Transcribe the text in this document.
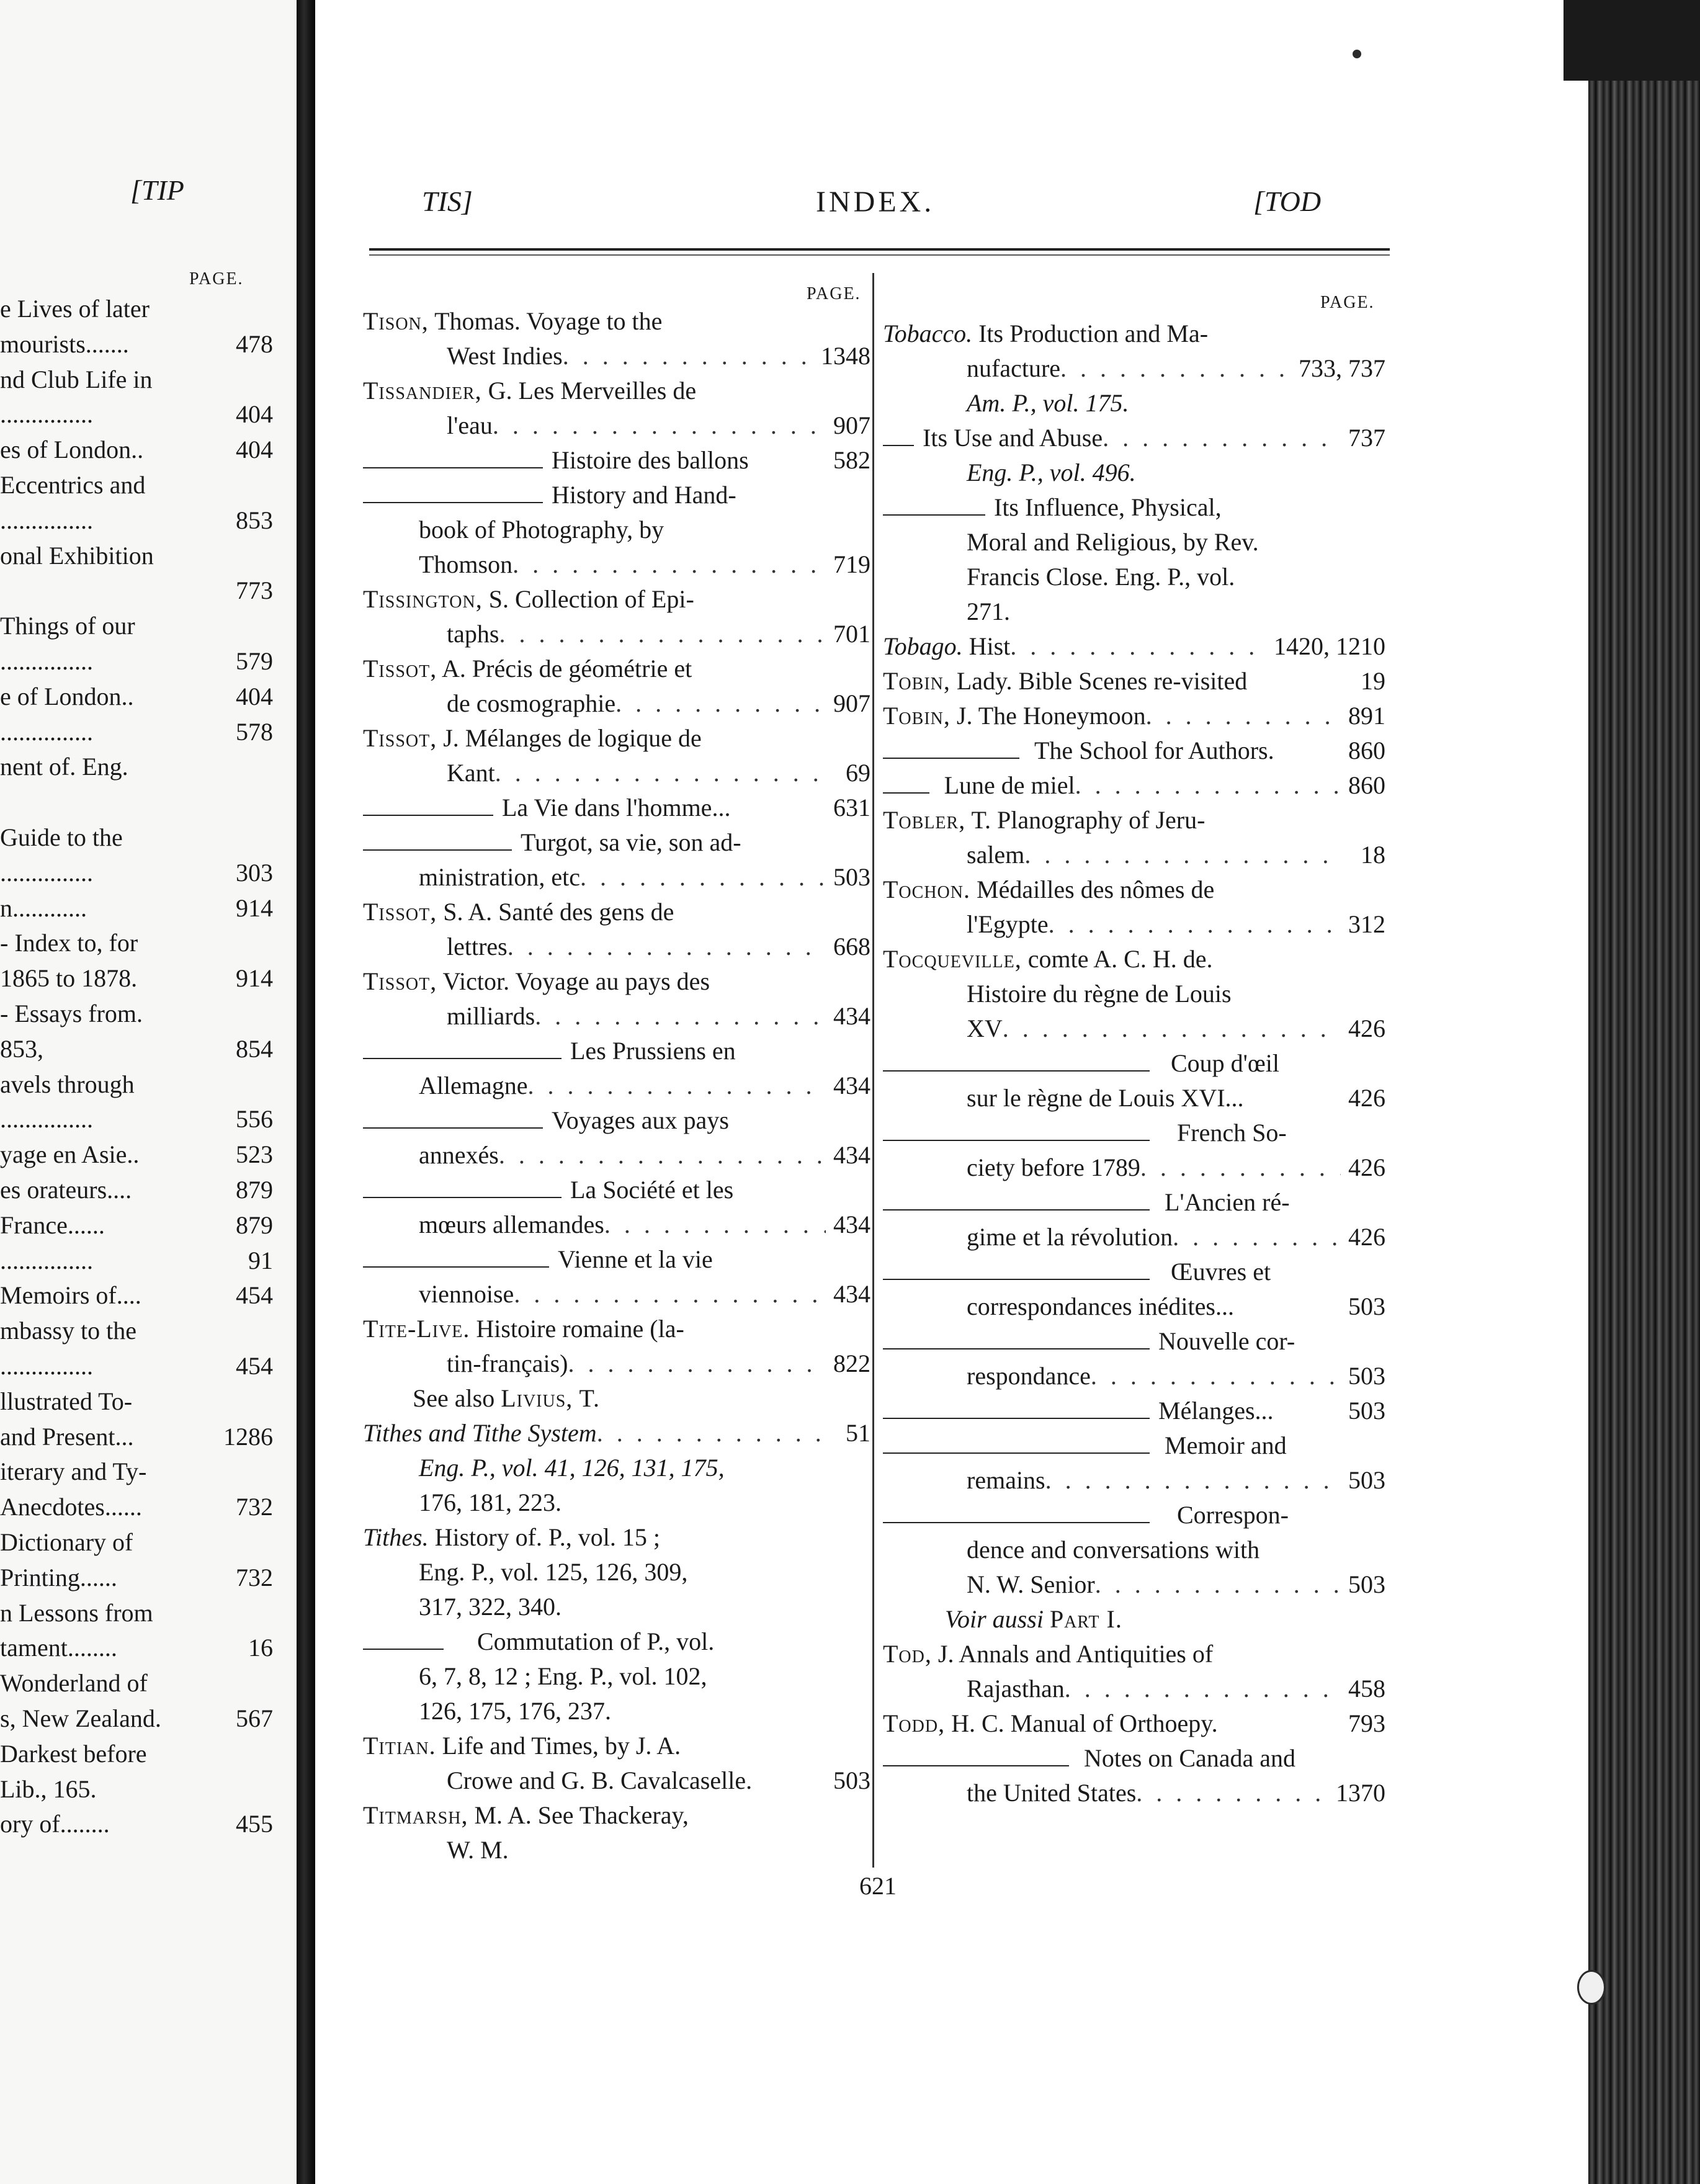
[TIP
PAGE.
e Lives of later
mourists.......	478
nd Club Life in
...............	404
es of London..	404
Eccentrics and
...............	853
onal Exhibition
773
Things of our
...............	579
e of London..	404
...............	578
nent of. Eng.
Guide to the
...............	303
n............	914
- Index to, for
1865 to 1878.	914
- Essays from.
853,	854
avels through
...............	556
yage en Asie..	523
es orateurs....	879
France......	879
...............	91
Memoirs of....	454
mbassy to the
...............	454
llustrated To-
and Present...	1286
iterary and Ty-
Anecdotes......	732
Dictionary of
Printing......	732
n Lessons from
tament........	16
Wonderland of
s, New Zealand.	567
Darkest before
Lib., 165.
ory of........	455
TIS]	INDEX.	[TOD
PAGE.	PAGE.
Tison, Thomas. Voyage to the
West Indies . . .	1348
Tissandier, G. Les Merveilles de
l'eau . . .	907
Histoire des ballons	582
History and Hand-
book of Photography, by
Thomson . . .	719
Tissington, S. Collection of Epi-
taphs . . .	701
Tissot, A. Précis de géométrie et
de cosmographie . . .	907
Tissot, J. Mélanges de logique de
Kant . . .	69
La Vie dans l'homme...	631
Turgot, sa vie, son ad-
ministration, etc . . .	503
Tissot, S. A. Santé des gens de
lettres . . .	668
Tissot, Victor. Voyage au pays des
milliards . . .	434
Les Prussiens en
Allemagne . . .	434
Voyages aux pays
annexés . . .	434
La Société et les
mœurs allemandes . . .	434
Vienne et la vie
viennoise . . .	434
Tite-Live. Histoire romaine (la-
tin-français) . . .	822
See also Livius, T.
Tithes and Tithe System . . .	51
Eng. P., vol. 41, 126, 131, 175,
176, 181, 223.
Tithes. History of. P., vol. 15 ;
Eng. P., vol. 125, 126, 309,
317, 322, 340.
Commutation of P., vol.
6, 7, 8, 12 ; Eng. P., vol. 102,
126, 175, 176, 237.
Titian. Life and Times, by J. A.
Crowe and G. B. Cavalcaselle.	503
Titmarsh, M. A. See Thackeray,
W. M.
Tobacco. Its Production and Ma-
nufacture . . .	733, 737
Am. P., vol. 175.
Its Use and Abuse . . .	737
Eng. P., vol. 496.
Its Influence, Physical,
Moral and Religious, by Rev.
Francis Close. Eng. P., vol.
271.
Tobago. Hist . . .	1420, 1210
Tobin, Lady. Bible Scenes re-visited	19
Tobin, J. The Honeymoon . . .	891
The School for Authors.	860
Lune de miel . . .	860
Tobler, T. Planography of Jeru-
salem . . .	18
Tochon. Médailles des nômes de
l'Egypte . . .	312
Tocqueville, comte A. C. H. de.
Histoire du règne de Louis
XV . . .	426
Coup d'œil
sur le règne de Louis XVI...	426
French So-
ciety before 1789 . . .	426
L'Ancien ré-
gime et la révolution . . .	426
Œuvres et
correspondances inédites...	503
Nouvelle cor-
respondance . . .	503
Mélanges...	503
Memoir and
remains . . .	503
Correspon-
dence and conversations with
N. W. Senior . . .	503
Voir aussi Part I.
Tod, J. Annals and Antiquities of
Rajasthan . . .	458
Todd, H. C. Manual of Orthoepy.	793
Notes on Canada and
the United States . . .	1370
621
